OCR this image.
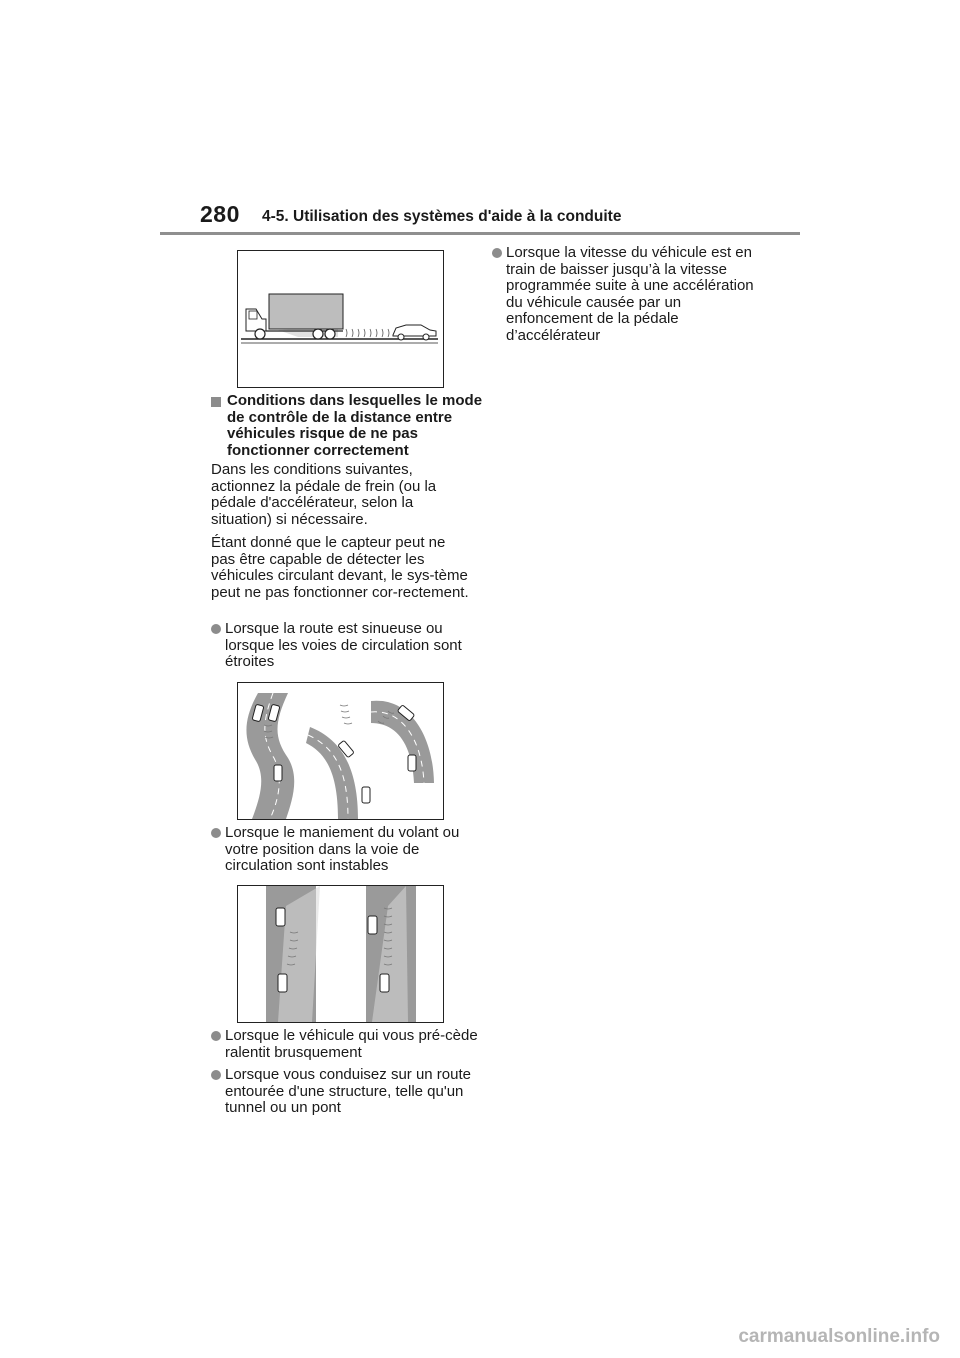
280 4-5. Utilisation des systèmes d'aide à la conduite
Conditions dans lesquelles le mode de contrôle de la distance entre véhicules risque de ne pas fonctionner correctement

Dans les conditions suivantes, actionnez la pédale de frein (ou la pédale d'accélérateur, selon la situation) si nécessaire.

Étant donné que le capteur peut ne pas être capable de détecter les véhicules circulant devant, le sys-tème peut ne pas fonctionner cor-rectement.

Lorsque la route est sinueuse ou lorsque les voies de circulation sont étroites
Lorsque le maniement du volant ou votre position dans la voie de circulation sont instables
Lorsque le véhicule qui vous pré-cède ralentit brusquement
Lorsque vous conduisez sur un route entourée d'une structure, telle qu'un tunnel ou un pont
Lorsque la vitesse du véhicule est en train de baisser jusqu’à la vitesse programmée suite à une accélération du véhicule causée par un enfoncement de la pédale d’accélérateur
carmanualsonline.info
